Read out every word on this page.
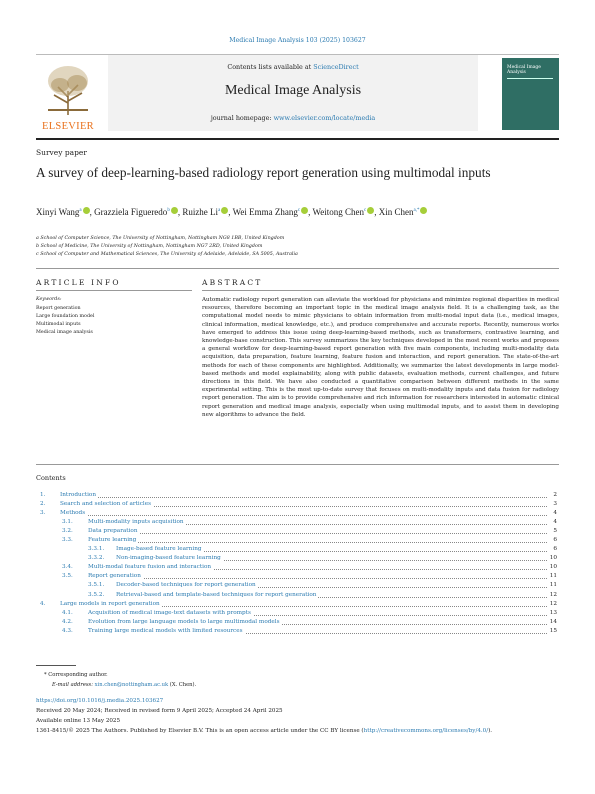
Medical Image Analysis 103 (2025) 103627
ELSEVIER
Contents lists available at ScienceDirect
Medical Image Analysis
journal homepage: www.elsevier.com/locate/media
Medical Image Analysis
Survey paper
A survey of deep-learning-based radiology report generation using multimodal inputs
Xinyi Wang$^a$ , Grazziela Figueredo$^b$ , Ruizhe Li$^a$ , Wei Emma Zhang$^c$ , Weitong Chen$^c$ , Xin Chen$^{a,*}$
a School of Computer Science, The University of Nottingham, Nottingham NG8 1BB, United Kingdom
b School of Medicine, The University of Nottingham, Nottingham NG7 2RD, United Kingdom
c School of Computer and Mathematical Sciences, The University of Adelaide, Adelaide, SA 5005, Australia
ARTICLE INFO	ABSTRACT
Keywords:
Report generation
Large foundation model
Multimodal inputs
Medical image analysis
Automatic radiology report generation can alleviate the workload for physicians and minimize regional disparities in medical resources, therefore becoming an important topic in the medical image analysis field. It is a challenging task, as the computational model needs to mimic physicians to obtain information from multi-modal input data (i.e., medical images, clinical information, medical knowledge, etc.), and produce comprehensive and accurate reports. Recently, numerous works have emerged to address this issue using deep-learning-based methods, such as transformers, contrastive learning, and knowledge-base construction. This survey summarizes the key techniques developed in the most recent works and proposes a general workflow for deep-learning-based report generation with five main components, including multi-modality data acquisition, data preparation, feature learning, feature fusion and interaction, and report generation. The state-of-the-art methods for each of these components are highlighted. Additionally, we summarize the latest developments in large model-based methods and model explainability, along with public datasets, evaluation methods, current challenges, and future directions in this field. We have also conducted a quantitative comparison between different methods in the same experimental setting. This is the most up-to-date survey that focuses on multi-modality inputs and data fusion for radiology report generation. The aim is to provide comprehensive and rich information for researchers interested in automatic clinical report generation and medical image analysis, especially when using multimodal inputs, and to assist them in developing new algorithms to advance the field.
Contents
1.	Introduction	2
2.	Search and selection of articles	3
3.	Methods	4
3.1.	Multi-modality inputs acquisition	4
3.2.	Data preparation	5
3.3.	Feature learning	6
3.3.1. Image-based feature learning	6
3.3.2. Non-imaging-based feature learning	10
3.4.	Multi-modal feature fusion and interaction	10
3.5.	Report generation	11
3.5.1. Decoder-based techniques for report generation	11
3.5.2. Retrieval-based and template-based techniques for report generation	12
4.	Large models in report generation	12
4.1.	Acquisition of medical image-text datasets with prompts	13
4.2.	Evolution from large language models to large multimodal models	14
4.3.	Training large medical models with limited resources	15
* Corresponding author.
E-mail address: xin.chen@nottingham.ac.uk (X. Chen).
https://doi.org/10.1016/j.media.2025.103627
Received 20 May 2024; Received in revised form 9 April 2025; Accepted 24 April 2025
Available online 13 May 2025
1361-8415/© 2025 The Authors. Published by Elsevier B.V. This is an open access article under the CC BY license (http://creativecommons.org/licenses/by/4.0/).
